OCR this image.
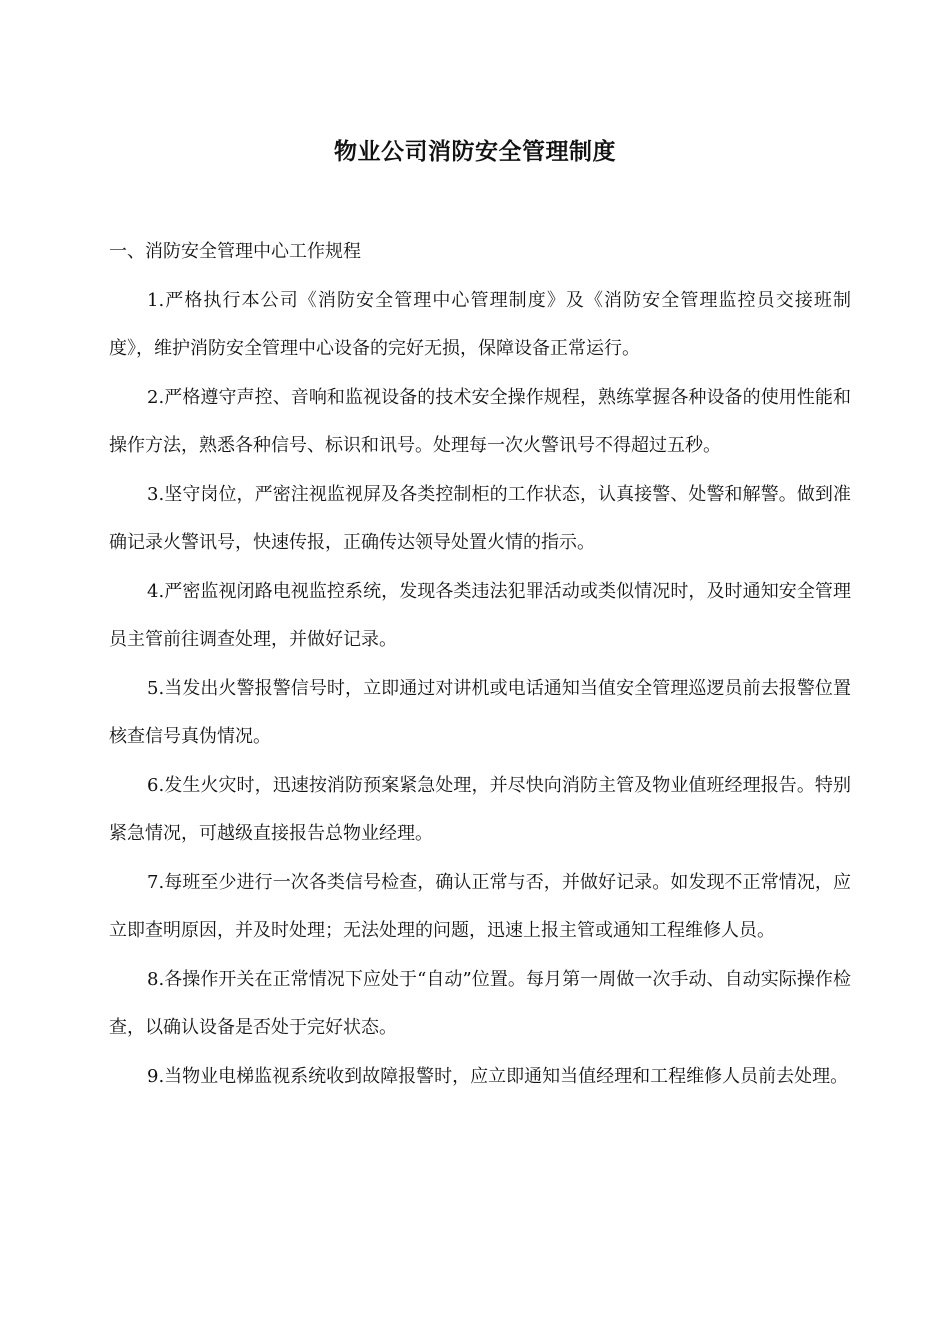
物业公司消防安全管理制度

一、消防安全管理中心工作规程

1.严格执行本公司《消防安全管理中心管理制度》及《消防安全管理监控员交接班制度》，维护消防安全管理中心设备的完好无损，保障设备正常运行。

2.严格遵守声控、音响和监视设备的技术安全操作规程，熟练掌握各种设备的使用性能和操作方法，熟悉各种信号、标识和讯号。处理每一次火警讯号不得超过五秒。

3.坚守岗位，严密注视监视屏及各类控制柜的工作状态，认真接警、处警和解警。做到准确记录火警讯号，快速传报，正确传达领导处置火情的指示。

4.严密监视闭路电视监控系统，发现各类违法犯罪活动或类似情况时，及时通知安全管理员主管前往调查处理，并做好记录。

5.当发出火警报警信号时，立即通过对讲机或电话通知当值安全管理巡逻员前去报警位置核查信号真伪情况。

6.发生火灾时，迅速按消防预案紧急处理，并尽快向消防主管及物业值班经理报告。特别紧急情况，可越级直接报告总物业经理。

7.每班至少进行一次各类信号检查，确认正常与否，并做好记录。如发现不正常情况，应立即查明原因，并及时处理；无法处理的问题，迅速上报主管或通知工程维修人员。

8.各操作开关在正常情况下应处于“自动”位置。每月第一周做一次手动、自动实际操作检查，以确认设备是否处于完好状态。

9.当物业电梯监视系统收到故障报警时，应立即通知当值经理和工程维修人员前去处理。
